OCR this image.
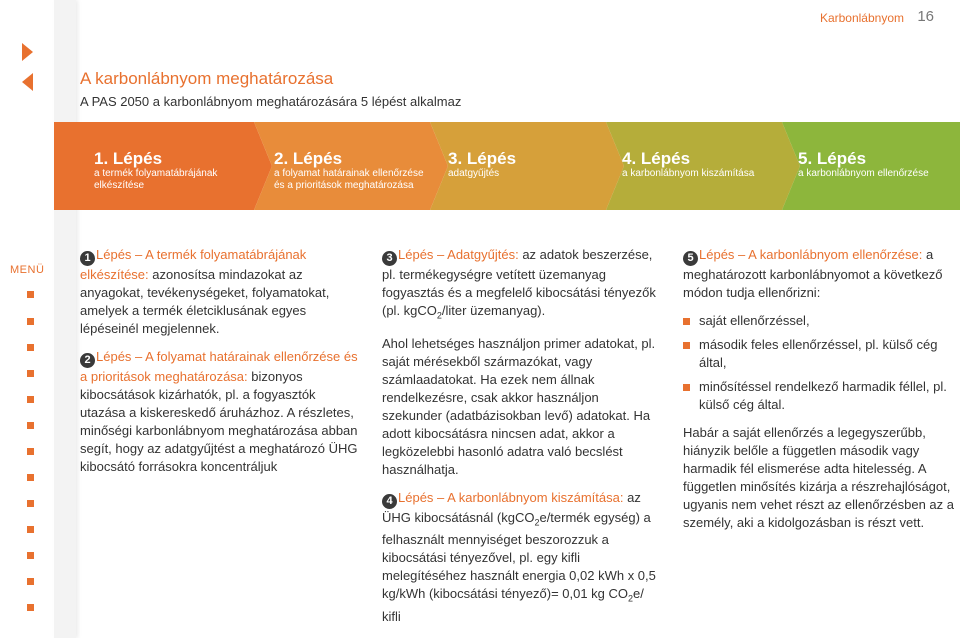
Karbonlábnyom 16
A karbonlábnyom meghatározása
A PAS 2050 a karbonlábnyom meghatározására 5 lépést alkalmaz
1. Lépés
a termék folyamatábrájának elkészítése
2. Lépés
a folyamat határainak ellenőrzése és a prioritások meghatározása
3. Lépés
adatgyűjtés
4. Lépés
a karbonlábnyom kiszámítása
5. Lépés
a karbonlábnyom ellenőrzése
MENÜ

1 Lépés – A termék folyamatábrájának elkészítése: azonosítsa mindazokat az anyagokat, tevékenységeket, folyamatokat, amelyek a termék életciklusának egyes lépéseinél megjelennek.

2 Lépés – A folyamat határainak ellenőrzése és a prioritások meghatározása: bizonyos kibocsátások kizárhatók, pl. a fogyasztók utazása a kiskereskedő áruházhoz. A részletes, minőségi karbonlábnyom meghatározása abban segít, hogy az adatgyűjtést a meghatározó ÜHG kibocsátó forrásokra koncentráljuk

3 Lépés – Adatgyűjtés: az adatok beszerzése, pl. termékegységre vetített üzemanyag fogyasztás és a megfelelő kibocsátási tényezők (pl. kgCO$_2$/liter üzemanyag).

Ahol lehetséges használjon primer adatokat, pl. saját mérésekből származókat, vagy számlaadatokat. Ha ezek nem állnak rendelkezésre, csak akkor használjon szekunder (adatbázisokban levő) adatokat. Ha adott kibocsátásra nincsen adat, akkor a legközelebbi hasonló adatra való becslést használhatja.

4 Lépés – A karbonlábnyom kiszámítása: az ÜHG kibocsátásnál (kgCO$_2$e/termék egység) a felhasznált mennyiséget beszorozzuk a kibocsátási tényezővel, pl. egy kifli melegítéséhez használt energia 0,02 kWh x 0,5 kg/kWh (kibocsátási tényező)= 0,01 kg $CO_2e/$ kifli

5 Lépés – A karbonlábnyom ellenőrzése: a meghatározott karbonlábnyomot a következő módon tudja ellenőrizni:

saját ellenőrzéssel,
második feles ellenőrzéssel, pl. külső cég által,
minősítéssel rendelkező harmadik féllel, pl. külső cég által.

Habár a saját ellenőrzés a legegyszerűbb, hiányzik belőle a független második vagy harmadik fél elismerése adta hitelesség. A független minősítés kizárja a részrehajlóságot, ugyanis nem vehet részt az ellenőrzésben az a személy, aki a kidolgozásban is részt vett.
